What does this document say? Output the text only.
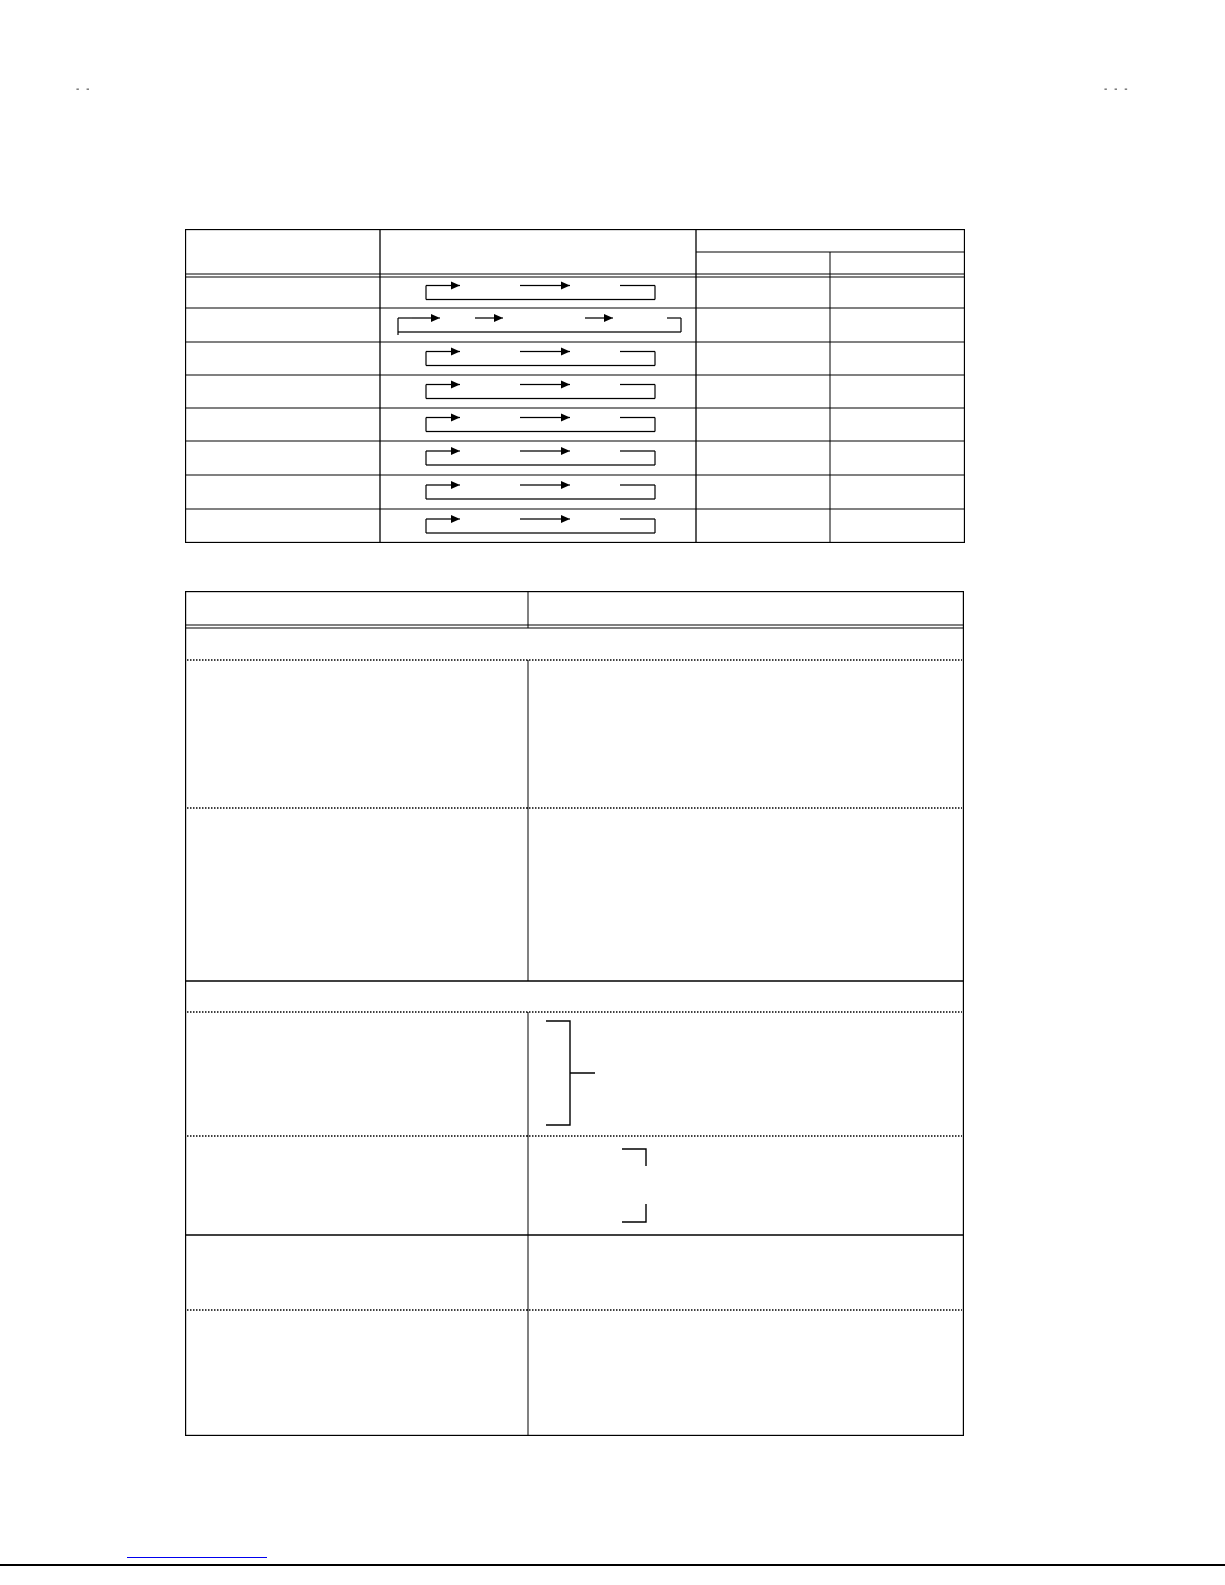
- -	- - -
